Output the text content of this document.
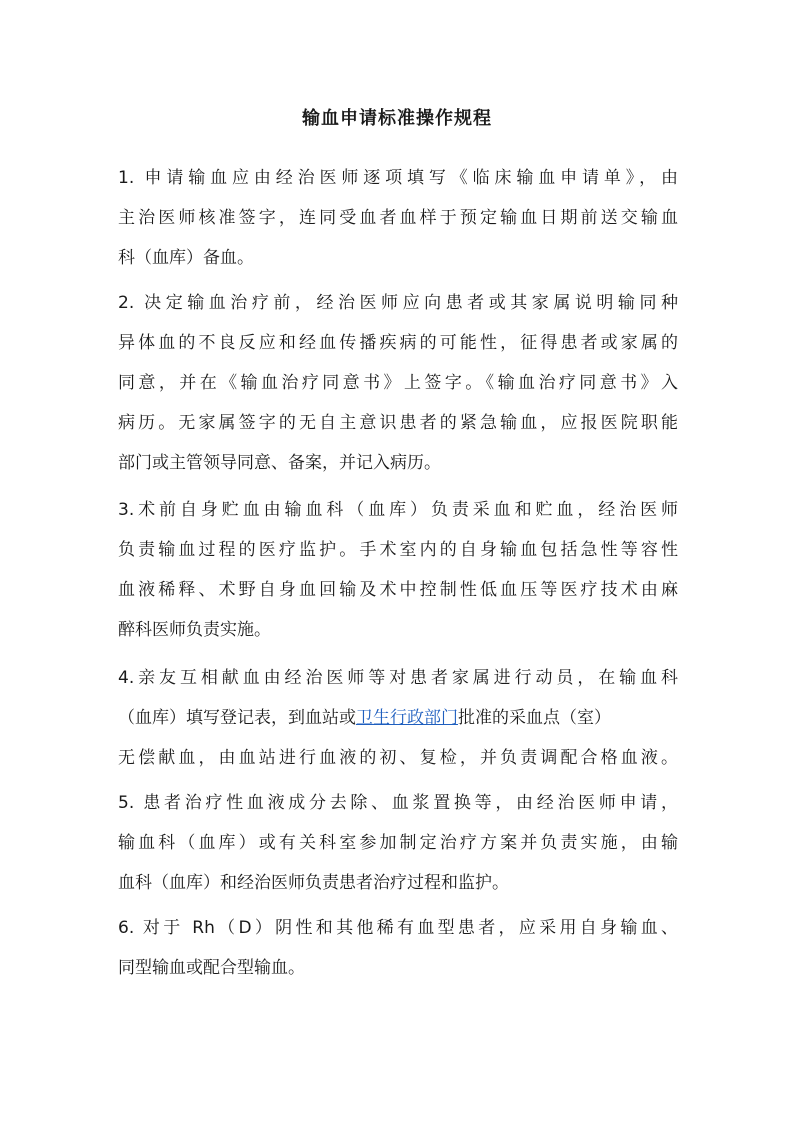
输血申请标准操作规程
1. 申请输血应由经治医师逐项填写《临床输血申请单》，由
主治医师核准签字，连同受血者血样于预定输血日期前送交输血
科（血库）备血。
2. 决定输血治疗前，经治医师应向患者或其家属说明输同种
异体血的不良反应和经血传播疾病的可能性，征得患者或家属的
同意，并在《输血治疗同意书》上签字。《输血治疗同意书》入
病历。无家属签字的无自主意识患者的紧急输血，应报医院职能
部门或主管领导同意、备案，并记入病历。
3.术前自身贮血由输血科（血库）负责采血和贮血，经治医师
负责输血过程的医疗监护。手术室内的自身输血包括急性等容性
血液稀释、术野自身血回输及术中控制性低血压等医疗技术由麻
醉科医师负责实施。
4.亲友互相献血由经治医师等对患者家属进行动员，在输血科
（血库）填写登记表，到血站或卫生行政部门批准的采血点（室）
无偿献血，由血站进行血液的初、复检，并负责调配合格血液。
5. 患者治疗性血液成分去除、血浆置换等，由经治医师申请，
输血科（血库）或有关科室参加制定治疗方案并负责实施，由输
血科（血库）和经治医师负责患者治疗过程和监护。
6. 对于 Rh（D）阴性和其他稀有血型患者，应采用自身输血、
同型输血或配合型输血。
